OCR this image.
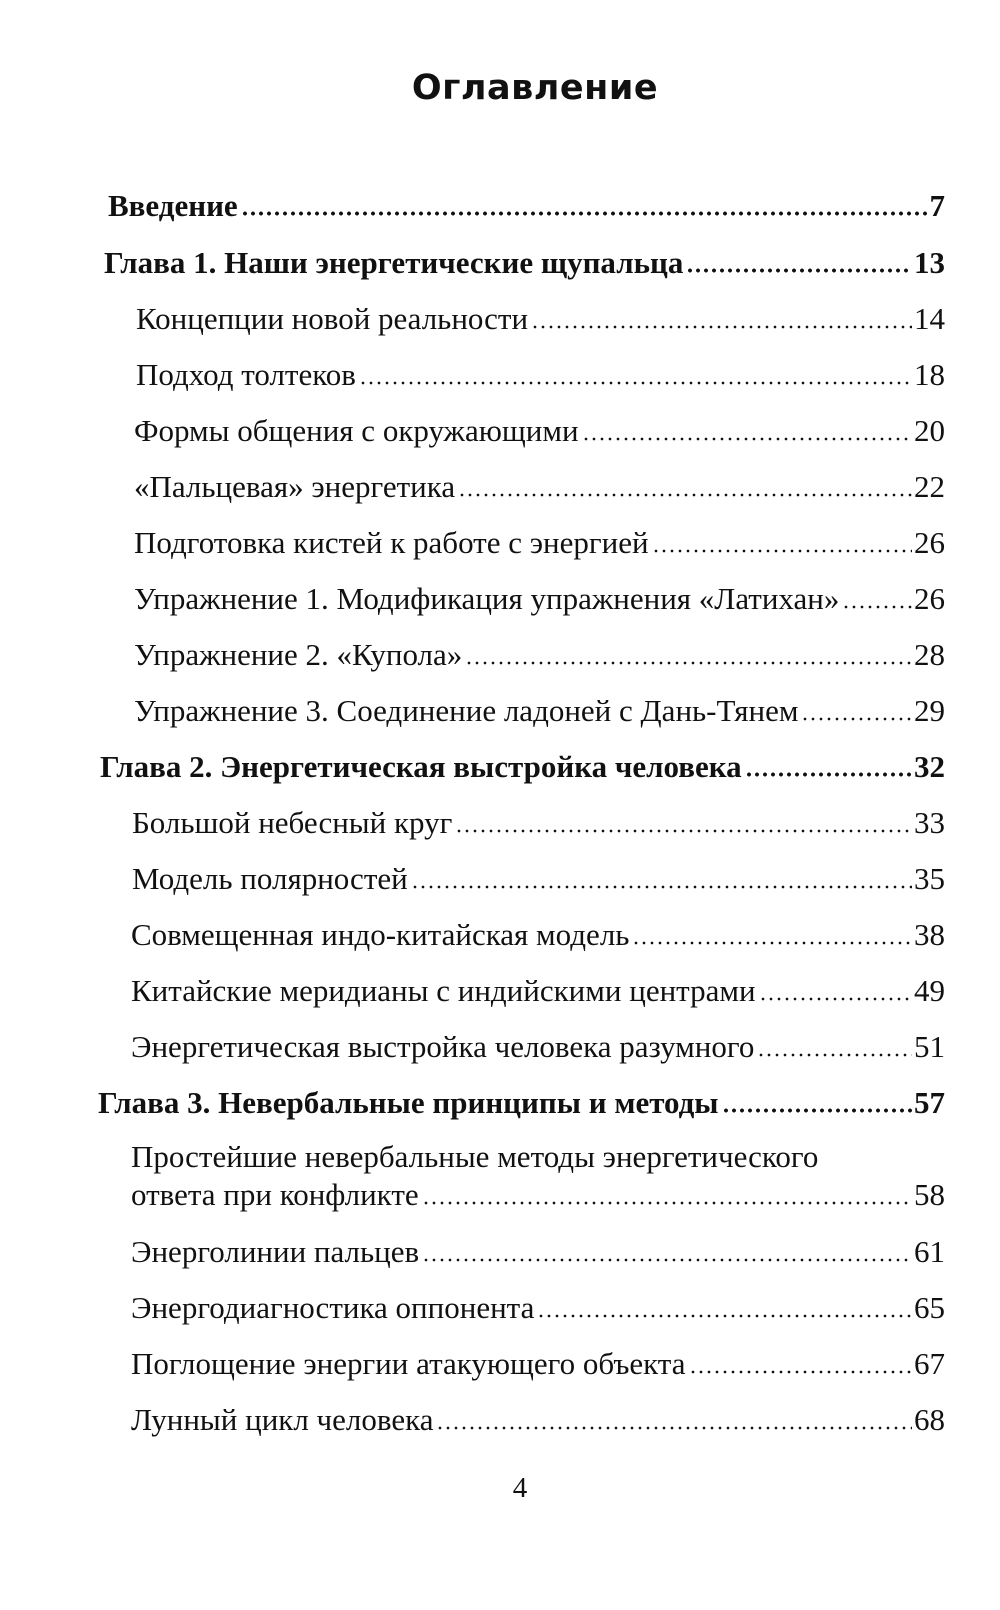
Оглавление
Введение	7
Глава 1. Наши энергетические щупальца	13
Концепции новой реальности	14
Подход толтеков	18
Формы общения с окружающими	20
«Пальцевая» энергетика	22
Подготовка кистей к работе с энергией	26
Упражнение 1. Модификация упражнения «Латихан» 26
Упражнение 2. «Купола»	28
Упражнение 3. Соединение ладоней с Дань-Тянем	29
Глава 2. Энергетическая выстройка человека	32
Большой небесный круг	33
Модель полярностей	35
Совмещенная индо-китайская модель	38
Китайские меридианы с индийскими центрами	49
Энергетическая выстройка человека разумного	51
Глава 3. Невербальные принципы и методы	57
Простейшие невербальные методы энергетического
ответа при конфликте	58
Энерголинии пальцев	61
Энергодиагностика оппонента	65
Поглощение энергии атакующего объекта	67
Лунный цикл человека	68
4
